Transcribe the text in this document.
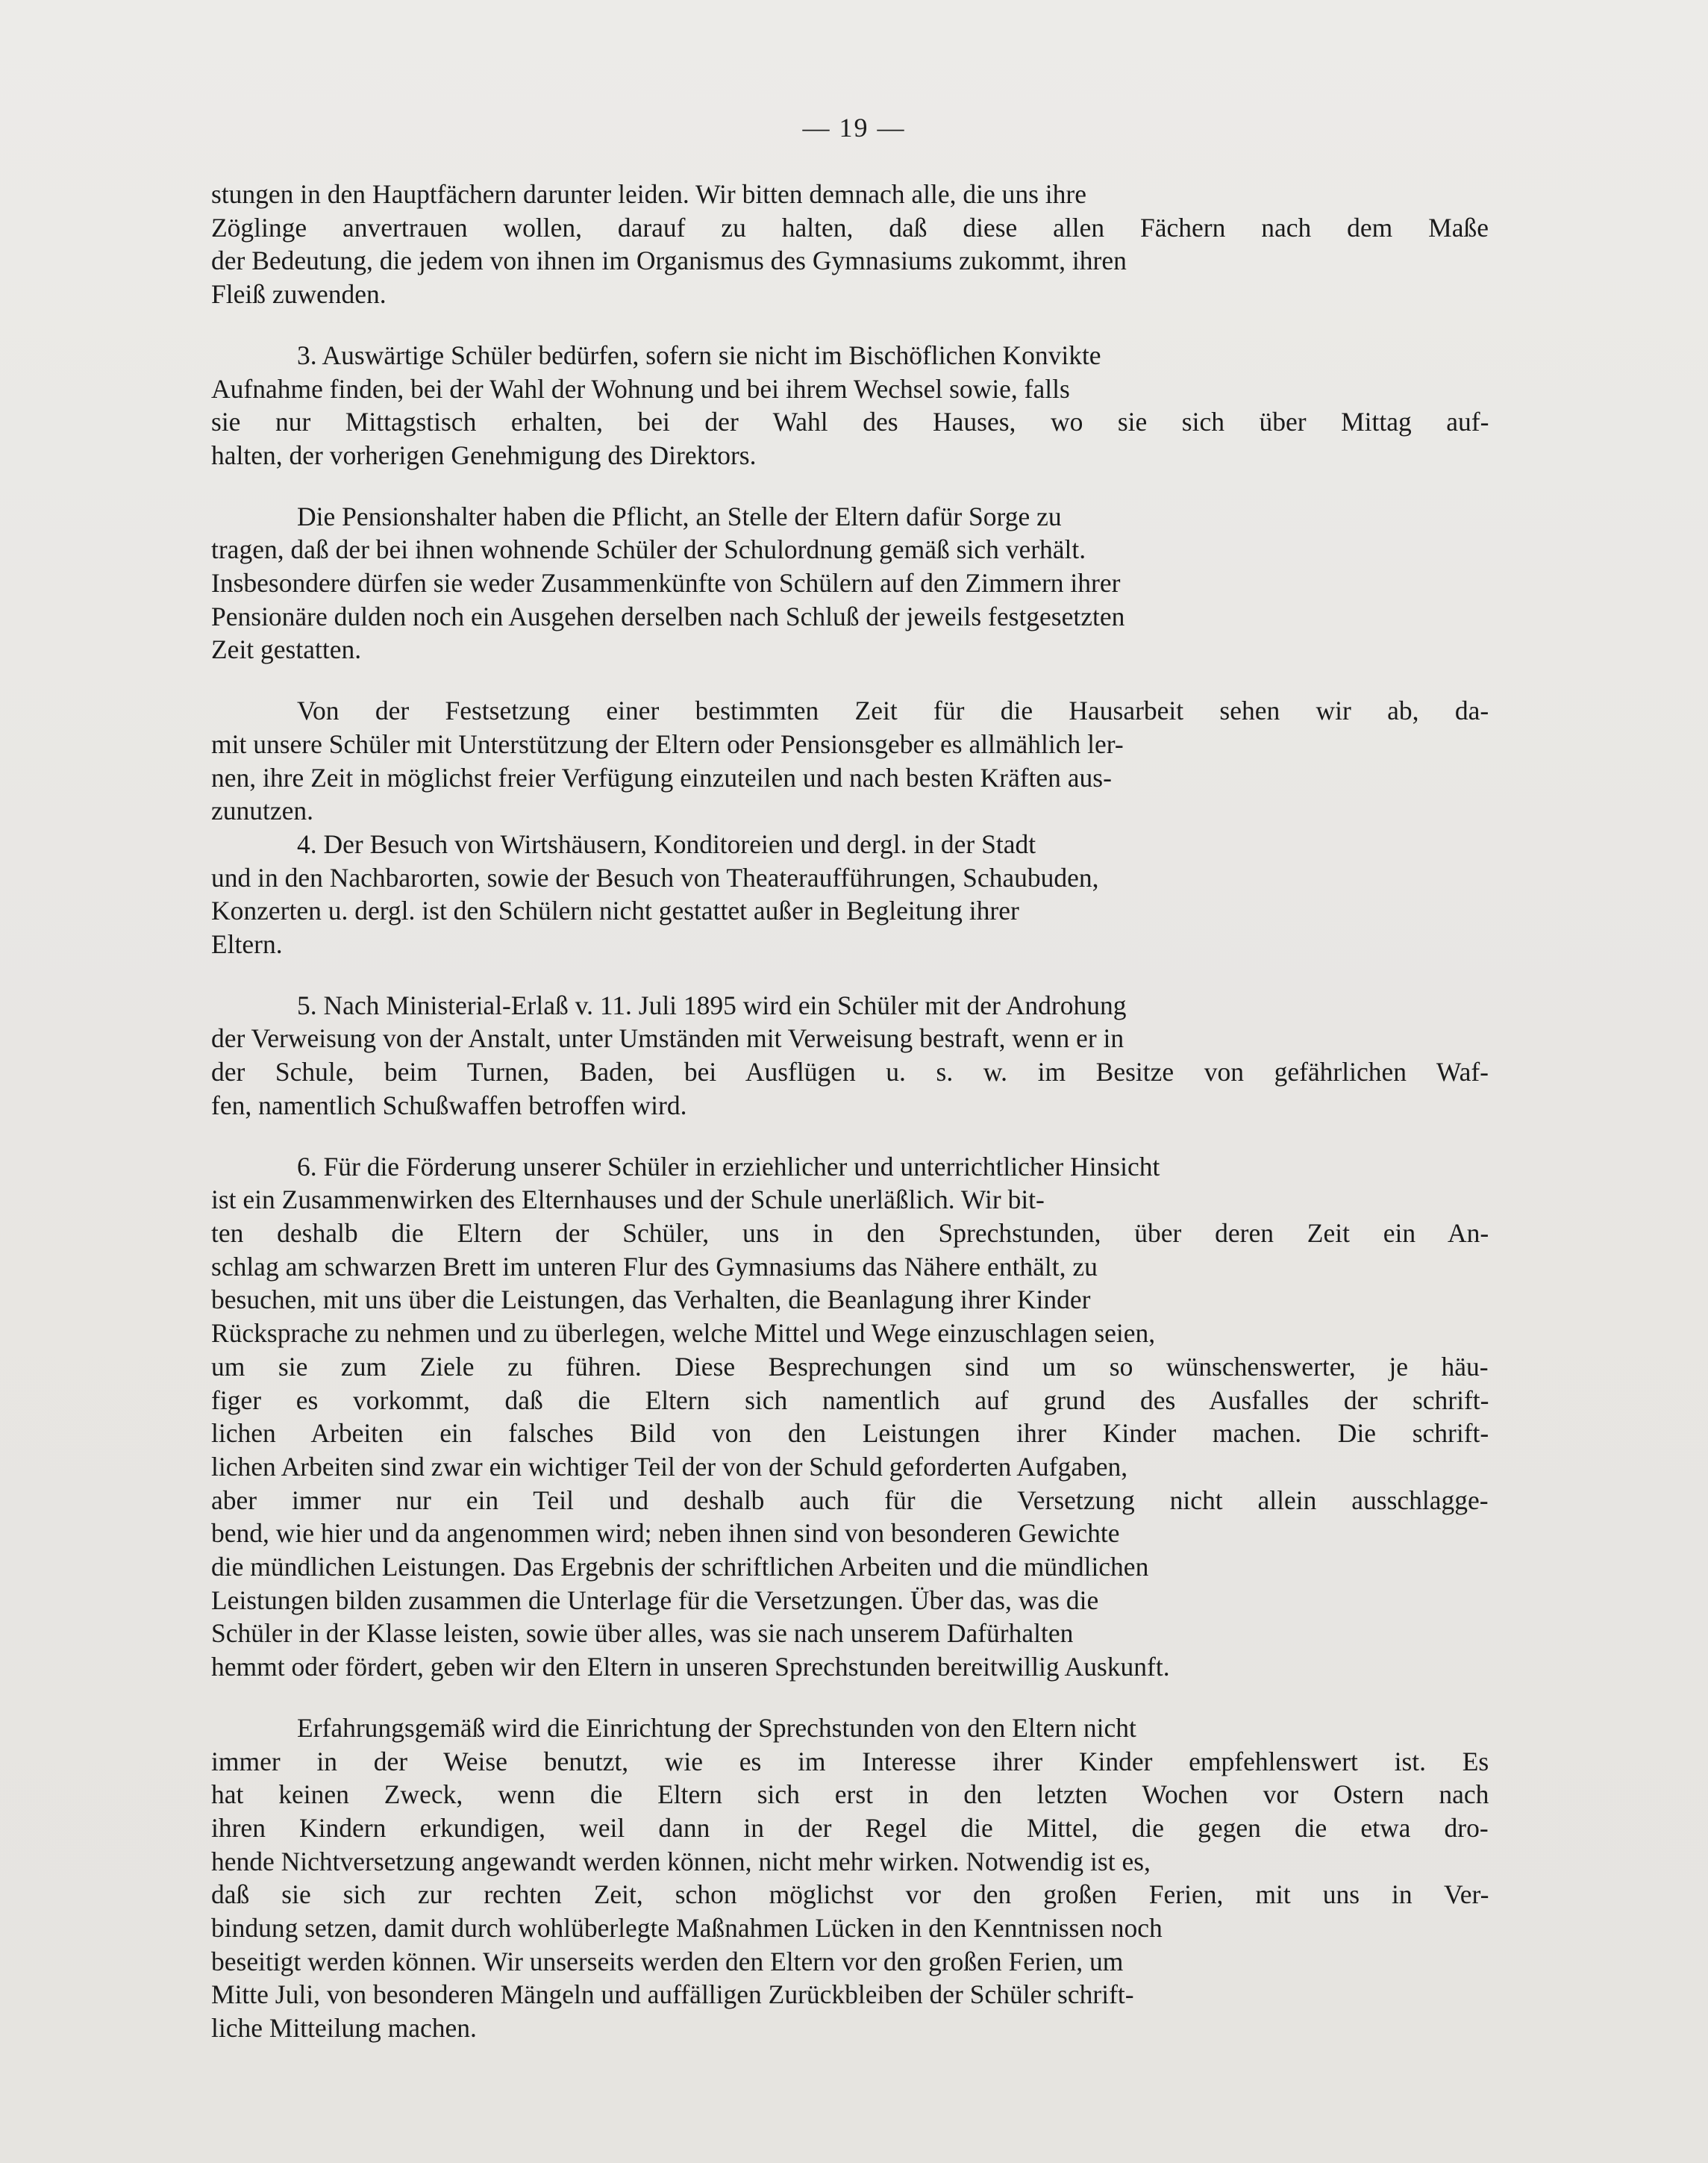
— 19 —

stungen in den Hauptfächern darunter leiden. Wir bitten demnach alle, die uns ihre
Zöglinge anvertrauen wollen, darauf zu halten, daß diese allen Fächern nach dem Maße
der Bedeutung, die jedem von ihnen im Organismus des Gymnasiums zukommt, ihren
Fleiß zuwenden.

3. Auswärtige Schüler bedürfen, sofern sie nicht im Bischöflichen Konvikte
Aufnahme finden, bei der Wahl der Wohnung und bei ihrem Wechsel sowie, falls
sie nur Mittagstisch erhalten, bei der Wahl des Hauses, wo sie sich über Mittag auf-
halten, der vorherigen Genehmigung des Direktors.

Die Pensionshalter haben die Pflicht, an Stelle der Eltern dafür Sorge zu
tragen, daß der bei ihnen wohnende Schüler der Schulordnung gemäß sich verhält.
Insbesondere dürfen sie weder Zusammenkünfte von Schülern auf den Zimmern ihrer
Pensionäre dulden noch ein Ausgehen derselben nach Schluß der jeweils festgesetzten
Zeit gestatten.

Von der Festsetzung einer bestimmten Zeit für die Hausarbeit sehen wir ab, da-
mit unsere Schüler mit Unterstützung der Eltern oder Pensionsgeber es allmählich ler-
nen, ihre Zeit in möglichst freier Verfügung einzuteilen und nach besten Kräften aus-
zunutzen.

4. Der Besuch von Wirtshäusern, Konditoreien und dergl. in der Stadt
und in den Nachbarorten, sowie der Besuch von Theateraufführungen, Schaubuden,
Konzerten u. dergl. ist den Schülern nicht gestattet außer in Begleitung ihrer
Eltern.

5. Nach Ministerial-Erlaß v. 11. Juli 1895 wird ein Schüler mit der Androhung
der Verweisung von der Anstalt, unter Umständen mit Verweisung bestraft, wenn er in
der Schule, beim Turnen, Baden, bei Ausflügen u. s. w. im Besitze von gefährlichen Waf-
fen, namentlich Schußwaffen betroffen wird.

6. Für die Förderung unserer Schüler in erziehlicher und unterrichtlicher Hinsicht
ist ein Zusammenwirken des Elternhauses und der Schule unerläßlich. Wir bit-
ten deshalb die Eltern der Schüler, uns in den Sprechstunden, über deren Zeit ein An-
schlag am schwarzen Brett im unteren Flur des Gymnasiums das Nähere enthält, zu
besuchen, mit uns über die Leistungen, das Verhalten, die Beanlagung ihrer Kinder
Rücksprache zu nehmen und zu überlegen, welche Mittel und Wege einzuschlagen seien,
um sie zum Ziele zu führen. Diese Besprechungen sind um so wünschenswerter, je häu-
figer es vorkommt, daß die Eltern sich namentlich auf grund des Ausfalles der schrift-
lichen Arbeiten ein falsches Bild von den Leistungen ihrer Kinder machen. Die schrift-
lichen Arbeiten sind zwar ein wichtiger Teil der von der Schuld geforderten Aufgaben,
aber immer nur ein Teil und deshalb auch für die Versetzung nicht allein ausschlagge-
bend, wie hier und da angenommen wird; neben ihnen sind von besonderen Gewichte
die mündlichen Leistungen. Das Ergebnis der schriftlichen Arbeiten und die mündlichen
Leistungen bilden zusammen die Unterlage für die Versetzungen. Über das, was die
Schüler in der Klasse leisten, sowie über alles, was sie nach unserem Dafürhalten
hemmt oder fördert, geben wir den Eltern in unseren Sprechstunden bereitwillig Auskunft.

Erfahrungsgemäß wird die Einrichtung der Sprechstunden von den Eltern nicht
immer in der Weise benutzt, wie es im Interesse ihrer Kinder empfehlenswert ist. Es
hat keinen Zweck, wenn die Eltern sich erst in den letzten Wochen vor Ostern nach
ihren Kindern erkundigen, weil dann in der Regel die Mittel, die gegen die etwa dro-
hende Nichtversetzung angewandt werden können, nicht mehr wirken. Notwendig ist es,
daß sie sich zur rechten Zeit, schon möglichst vor den großen Ferien, mit uns in Ver-
bindung setzen, damit durch wohlüberlegte Maßnahmen Lücken in den Kenntnissen noch
beseitigt werden können. Wir unserseits werden den Eltern vor den großen Ferien, um
Mitte Juli, von besonderen Mängeln und auffälligen Zurückbleiben der Schüler schrift-
liche Mitteilung machen.
